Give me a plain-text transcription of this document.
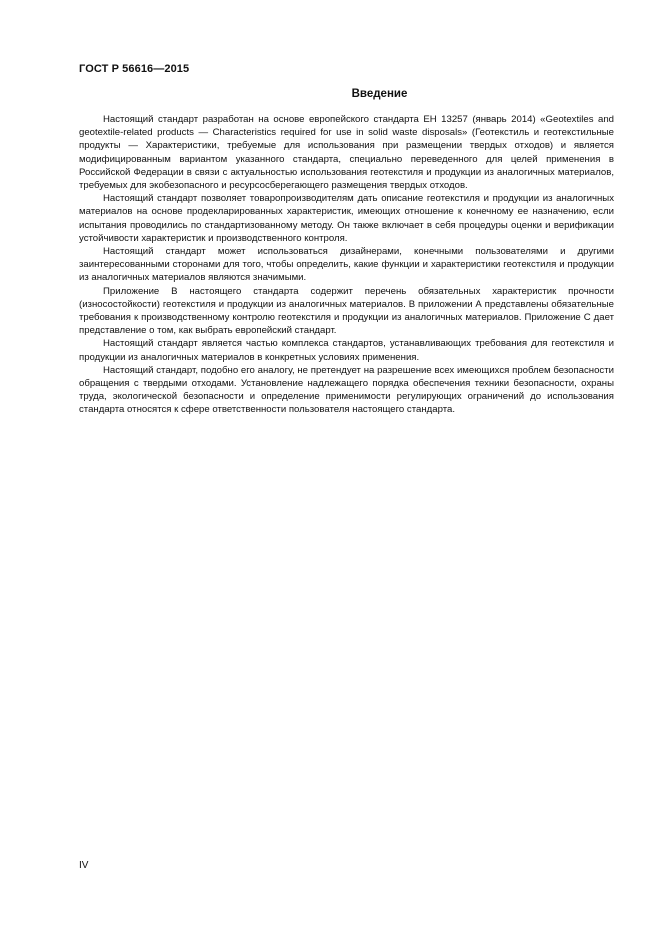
ГОСТ Р 56616—2015
Введение

Настоящий стандарт разработан на основе европейского стандарта ЕН 13257 (январь 2014) «Geotextiles and geotextile-related products — Characteristics required for use in solid waste disposals» (Геотекстиль и геотекстильные продукты — Характеристики, требуемые для использования при размещении твердых отходов) и является модифицированным вариантом указанного стандарта, специально переведенного для целей применения в Российской Федерации в связи с актуальностью использования геотекстиля и продукции из аналогичных материалов, требуемых для экобезопасного и ресурсосберегающего размещения твердых отходов.

Настоящий стандарт позволяет товаропроизводителям дать описание геотекстиля и продукции из аналогичных материалов на основе продекларированных характеристик, имеющих отношение к конечному ее назначению, если испытания проводились по стандартизованному методу. Он также включает в себя процедуры оценки и верификации устойчивости характеристик и производственного контроля.

Настоящий стандарт может использоваться дизайнерами, конечными пользователями и другими заинтересованными сторонами для того, чтобы определить, какие функции и характеристики геотекстиля и продукции из аналогичных материалов являются значимыми.

Приложение В настоящего стандарта содержит перечень обязательных характеристик прочности (износостойкости) геотекстиля и продукции из аналогичных материалов. В приложении А представлены обязательные требования к производственному контролю геотекстиля и продукции из аналогичных материалов. Приложение С дает представление о том, как выбрать европейский стандарт.

Настоящий стандарт является частью комплекса стандартов, устанавливающих требования для геотекстиля и продукции из аналогичных материалов в конкретных условиях применения.

Настоящий стандарт, подобно его аналогу, не претендует на разрешение всех имеющихся проблем безопасности обращения с твердыми отходами. Установление надлежащего порядка обеспечения техники безопасности, охраны труда, экологической безопасности и определение применимости регулирующих ограничений до использования стандарта относятся к сфере ответственности пользователя настоящего стандарта.

IV
